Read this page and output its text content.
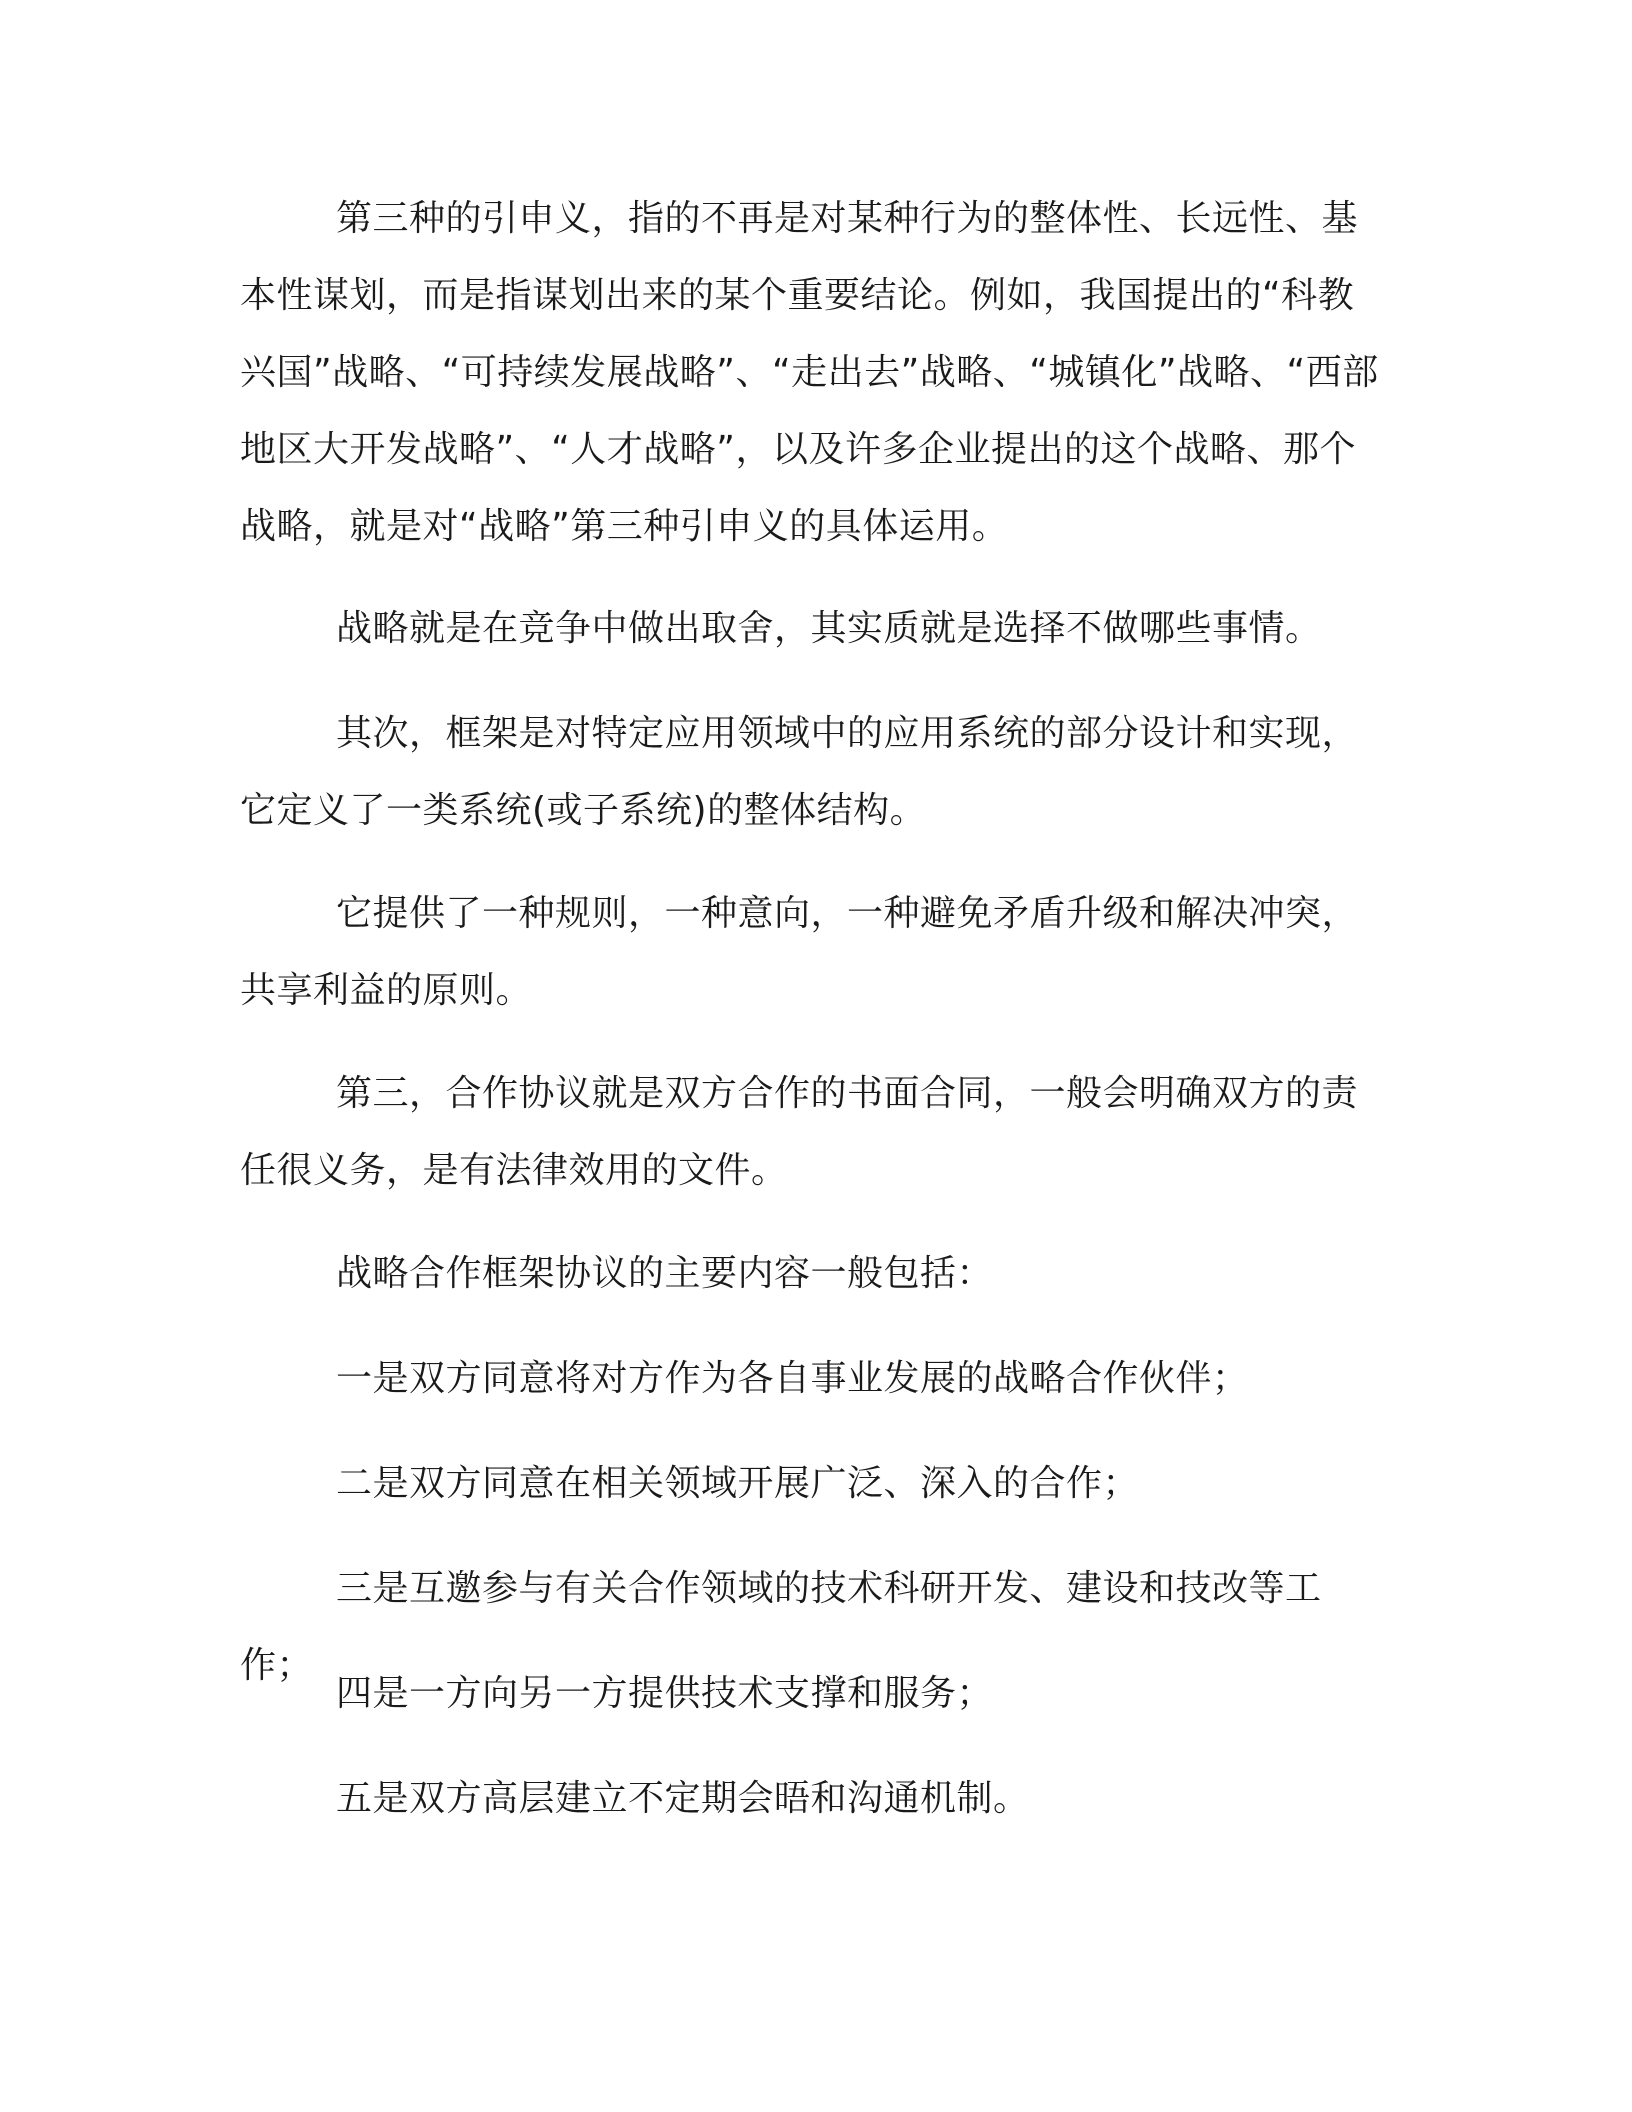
第三种的引申义，指的不再是对某种行为的整体性、长远性、基本性谋划，而是指谋划出来的某个重要结论。例如，我国提出的“科教兴国”战略、“可持续发展战略”、“走出去”战略、“城镇化”战略、“西部地区大开发战略”、“人才战略”，以及许多企业提出的这个战略、那个战略，就是对“战略”第三种引申义的具体运用。

战略就是在竞争中做出取舍，其实质就是选择不做哪些事情。

其次，框架是对特定应用领域中的应用系统的部分设计和实现，它定义了一类系统(或子系统)的整体结构。

它提供了一种规则，一种意向，一种避免矛盾升级和解决冲突，共享利益的原则。

第三，合作协议就是双方合作的书面合同，一般会明确双方的责任很义务，是有法律效用的文件。

战略合作框架协议的主要内容一般包括：

一是双方同意将对方作为各自事业发展的战略合作伙伴；

二是双方同意在相关领域开展广泛、深入的合作；

三是互邀参与有关合作领域的技术科研开发、建设和技改等工作；

四是一方向另一方提供技术支撑和服务；

五是双方高层建立不定期会晤和沟通机制。
